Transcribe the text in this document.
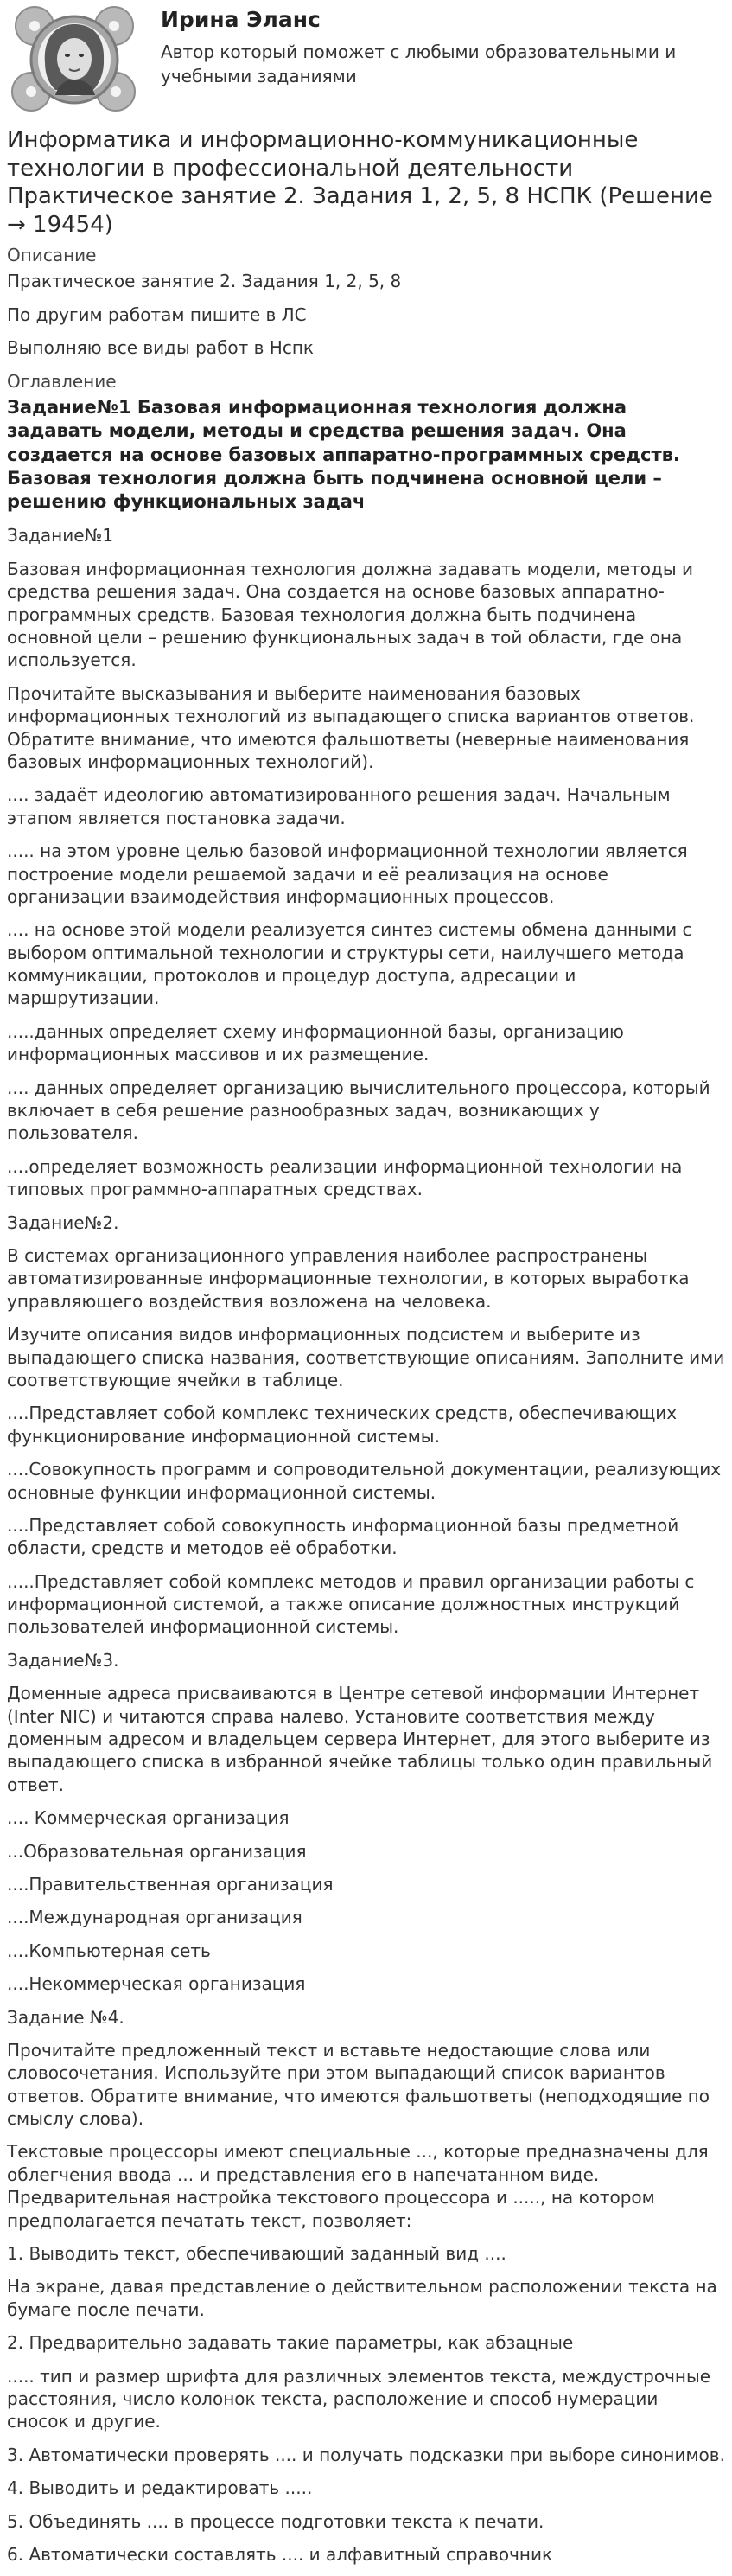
Ирина Эланс

Автор который поможет с любыми образовательными и учебными заданиями

Информатика и информационно-коммуникационные технологии в профессиональной деятельности Практическое занятие 2. Задания 1, 2, 5, 8 НСПК (Решение → 19454)
Описание

Практическое занятие 2. Задания 1, 2, 5, 8

По другим работам пишите в ЛС

Выполняю все виды работ в Нспк

Оглавление
Задание№1 Базовая информационная технология должна задавать модели, методы и средства решения задач. Она создается на основе базовых аппаратно-программных средств. Базовая технология должна быть подчинена основной цели – решению функциональных задач

Задание№1

Базовая информационная технология должна задавать модели, методы и средства решения задач. Она создается на основе базовых аппаратно-программных средств. Базовая технология должна быть подчинена основной цели – решению функциональных задач в той области, где она используется.

Прочитайте высказывания и выберите наименования базовых информационных технологий из выпадающего списка вариантов ответов. Обратите внимание, что имеются фальшответы (неверные наименования базовых информационных технологий).

.... задаёт идеологию автоматизированного решения задач. Начальным этапом является постановка задачи.

..... на этом уровне целью базовой информационной технологии является построение модели решаемой задачи и её реализация на основе организации взаимодействия информационных процессов.

.... на основе этой модели реализуется синтез системы обмена данными с выбором оптимальной технологии и структуры сети, наилучшего метода коммуникации, протоколов и процедур доступа, адресации и маршрутизации.

.....данных определяет схему информационной базы, организацию информационных массивов и их размещение.

.... данных определяет организацию вычислительного процессора, который включает в себя решение разнообразных задач, возникающих у пользователя.

....определяет возможность реализации информационной технологии на типовых программно-аппаратных средствах.

Задание№2.

В системах организационного управления наиболее распространены автоматизированные информационные технологии, в которых выработка управляющего воздействия возложена на человека.

Изучите описания видов информационных подсистем и выберите из выпадающего списка названия, соответствующие описаниям. Заполните ими соответствующие ячейки в таблице.

....Представляет собой комплекс технических средств, обеспечивающих функционирование информационной системы.

....Совокупность программ и сопроводительной документации, реализующих основные функции информационной системы.

....Представляет собой совокупность информационной базы предметной области, средств и методов её обработки.

.....Представляет собой комплекс методов и правил организации работы с информационной системой, а также описание должностных инструкций пользователей информационной системы.

Задание№3.

Доменные адреса присваиваются в Центре сетевой информации Интернет (Inter NIC) и читаются справа налево. Установите соответствия между доменным адресом и владельцем сервера Интернет, для этого выберите из выпадающего списка в избранной ячейке таблицы только один правильный ответ.

.... Коммерческая организация

...Образовательная организация

....Правительственная организация

....Международная организация

....Компьютерная сеть

....Некоммерческая организация

Задание №4.

Прочитайте предложенный текст и вставьте недостающие слова или словосочетания. Используйте при этом выпадающий список вариантов ответов. Обратите внимание, что имеются фальшответы (неподходящие по смыслу слова).

Текстовые процессоры имеют специальные ..., которые предназначены для облегчения ввода ... и представления его в напечатанном виде. Предварительная настройка текстового процессора и ....., на котором предполагается печатать текст, позволяет:

1. Выводить текст, обеспечивающий заданный вид ....

На экране, давая представление о действительном расположении текста на бумаге после печати.

2. Предварительно задавать такие параметры, как абзацные

..... тип и размер шрифта для различных элементов текста, междустрочные расстояния, число колонок текста, расположение и способ нумерации сносок и другие.

3. Автоматически проверять .... и получать подсказки при выборе синонимов.

4. Выводить и редактировать .....

5. Объединять .... в процессе подготовки текста к печати.

6. Автоматически составлять .... и алфавитный справочник
